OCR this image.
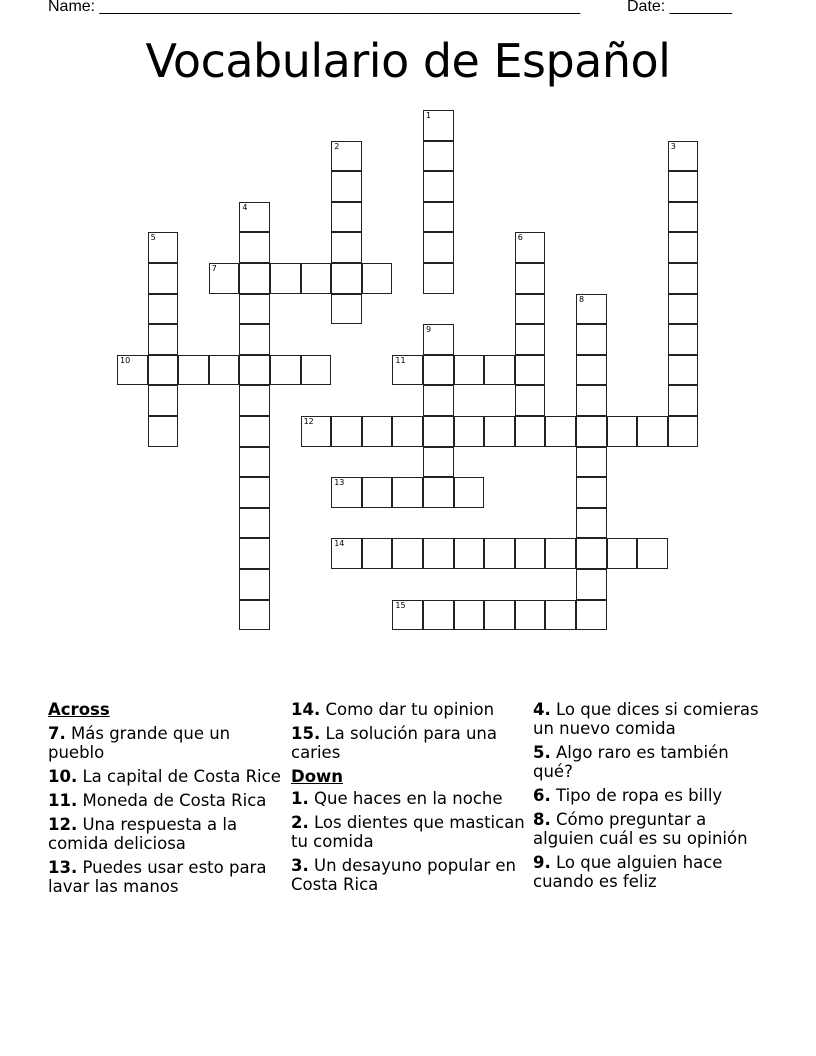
Name: ______________________________________________________	Date: _______
Vocabulario de Español
1
2	3
4
5	6
7
8
9
10	11
12
13
14
15
Across
7. Más grande que un pueblo
10. La capital de Costa Rice
11. Moneda de Costa Rica
12. Una respuesta a la comida deliciosa
13. Puedes usar esto para lavar las manos
14. Como dar tu opinion
15. La solución para una caries
Down
1. Que haces en la noche
2. Los dientes que mastican tu comida
3. Un desayuno popular en Costa Rica
4. Lo que dices si comieras un nuevo comida
5. Algo raro es también qué?
6. Tipo de ropa es billy
8. Cómo preguntar a alguien cuál es su opinión
9. Lo que alguien hace cuando es feliz
